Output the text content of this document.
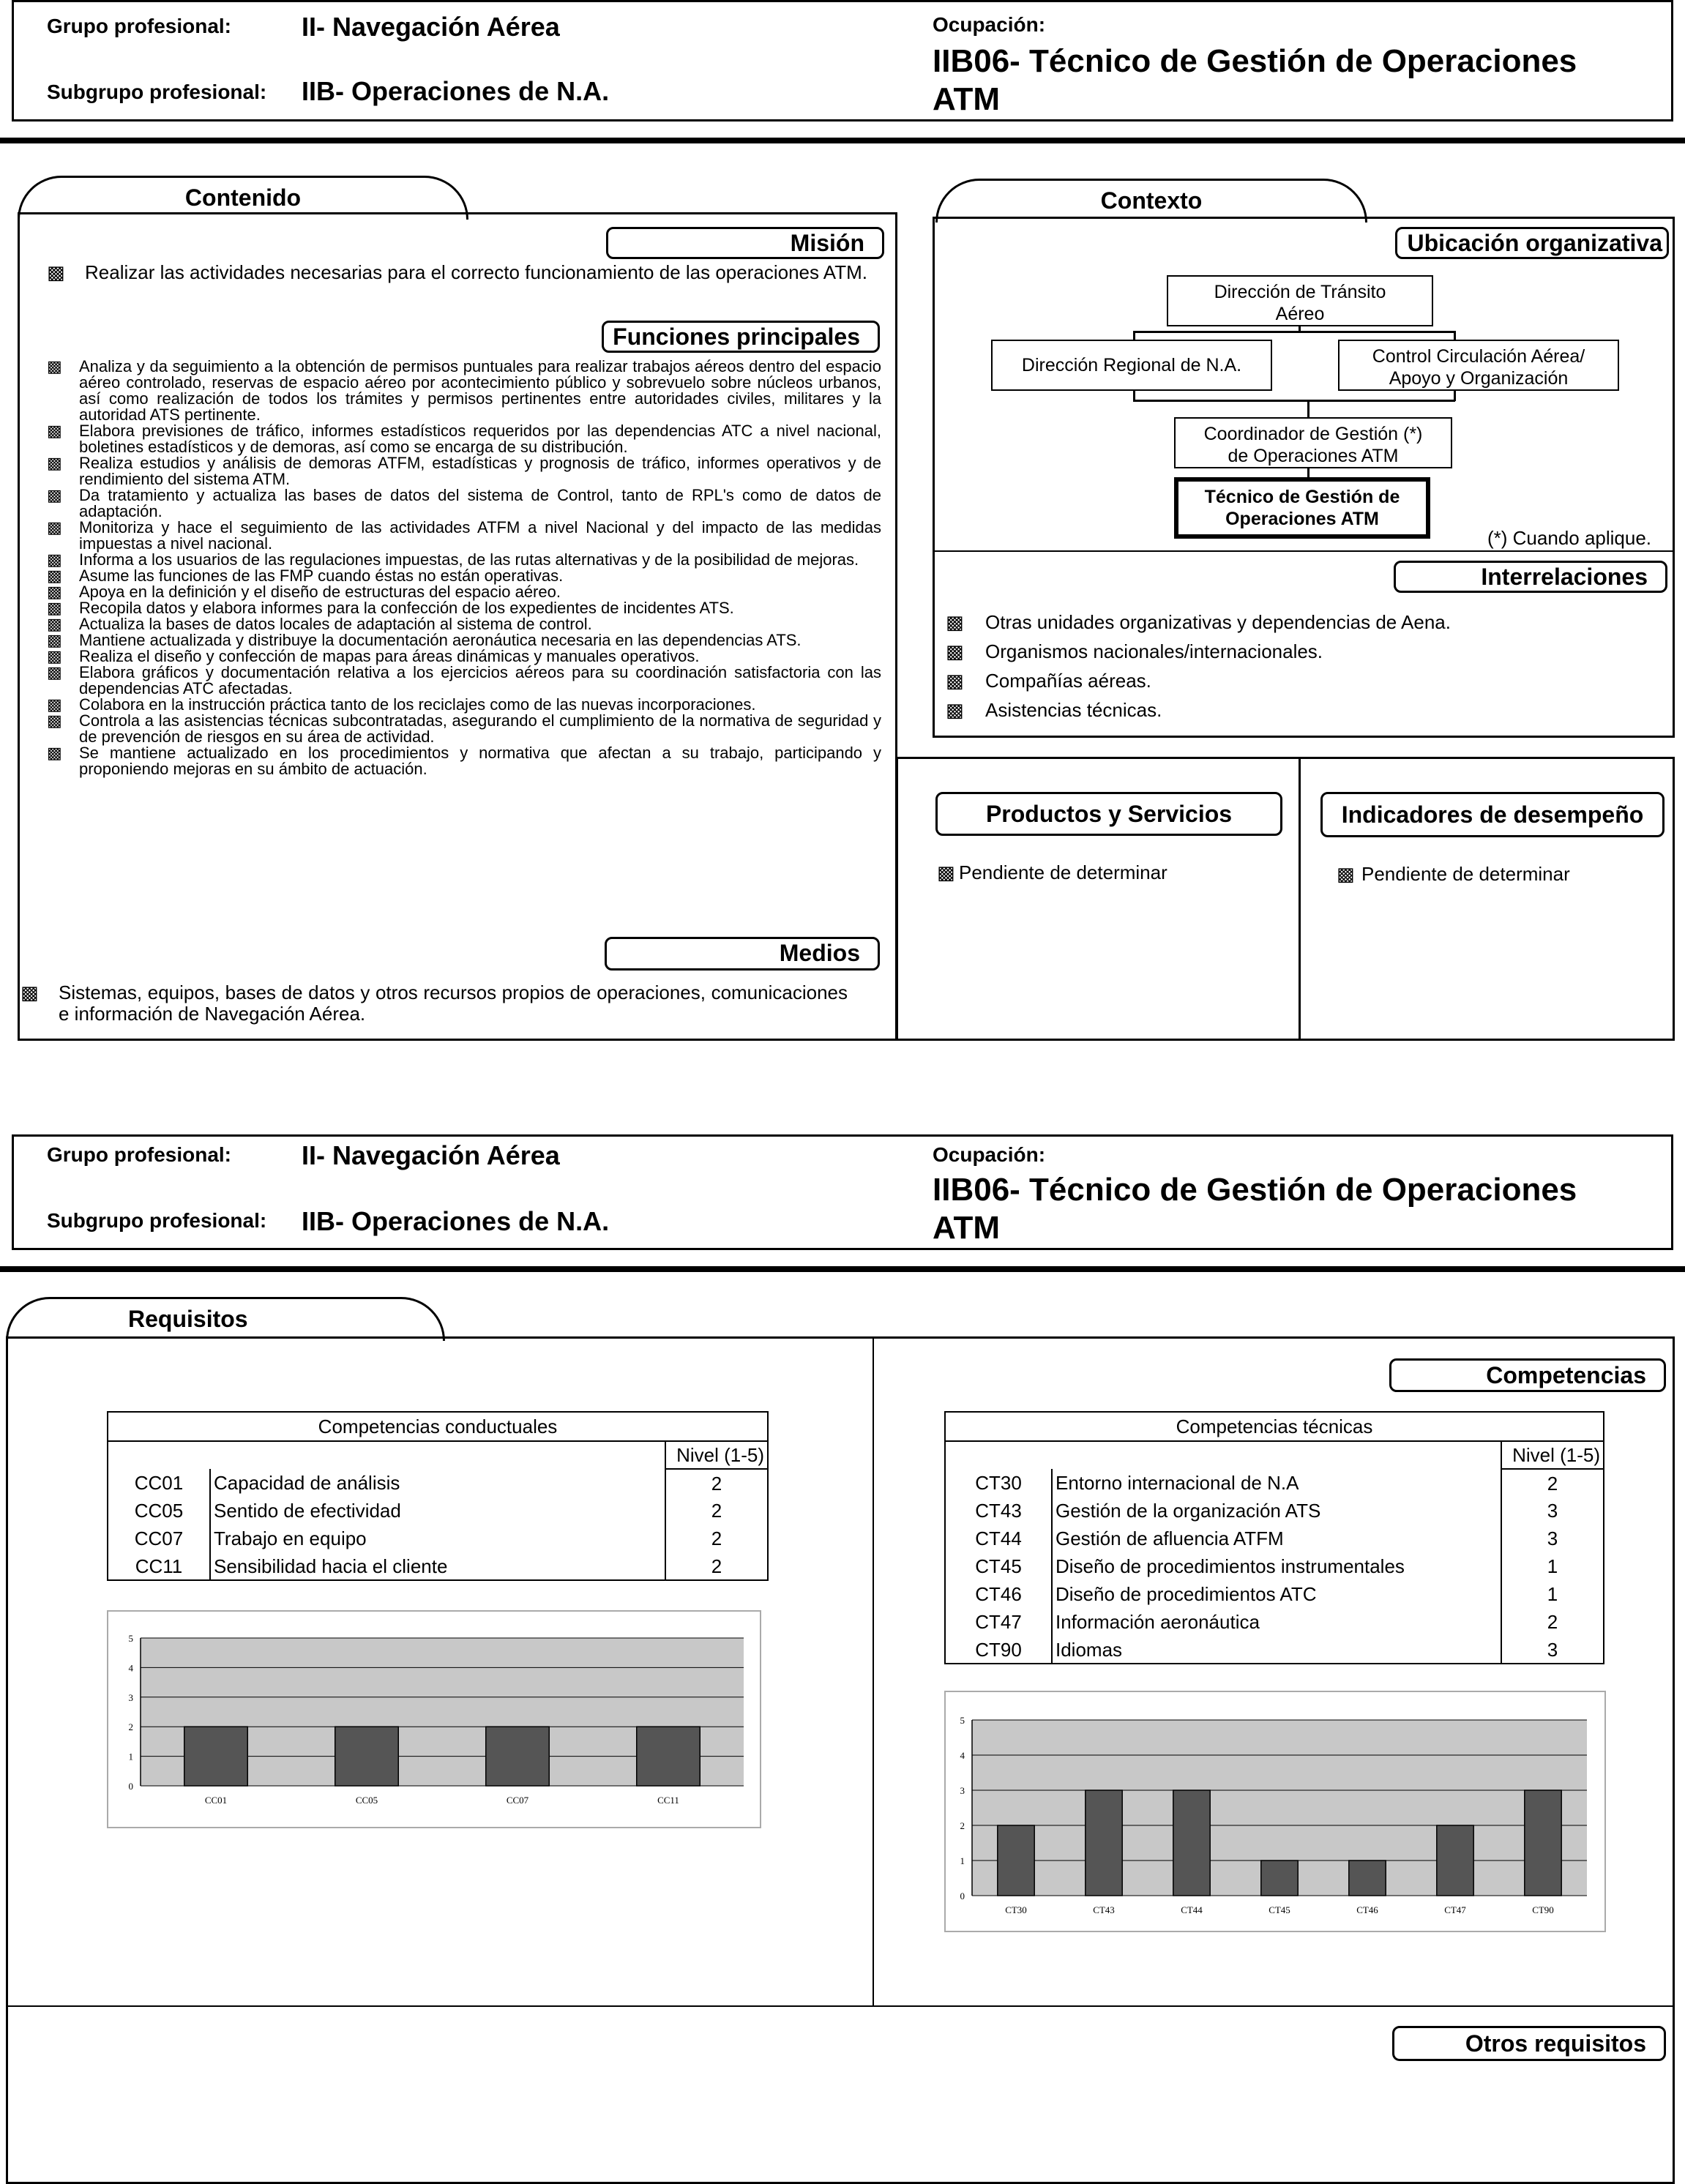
Grupo profesional:	II- Navegación Aérea
Subgrupo profesional: IIB- Operaciones de N.A.
Ocupación:
IIB06- Técnico de Gestión de Operaciones ATM
Contenido
Misión
▩ Realizar las actividades necesarias para el correcto funcionamiento de las operaciones ATM.
Funciones principales
▩ Analiza y da seguimiento a la obtención de permisos puntuales para realizar trabajos aéreos dentro del espacio aéreo controlado, reservas de espacio aéreo por acontecimiento público y sobrevuelo sobre núcleos urbanos, así como realización de todos los trámites y permisos pertinentes entre autoridades civiles, militares y la autoridad ATS pertinente.
▩ Elabora previsiones de tráfico, informes estadísticos requeridos por las dependencias ATC a nivel nacional, boletines estadísticos y de demoras, así como se encarga de su distribución.
▩ Realiza estudios y análisis de demoras ATFM, estadísticas y prognosis de tráfico, informes operativos y de rendimiento del sistema ATM.
▩ Da tratamiento y actualiza las bases de datos del sistema de Control, tanto de RPL's como de datos de adaptación.
▩ Monitoriza y hace el seguimiento de las actividades ATFM a nivel Nacional y del impacto de las medidas impuestas a nivel nacional.
▩ Informa a los usuarios de las regulaciones impuestas, de las rutas alternativas y de la posibilidad de mejoras.
▩ Asume las funciones de las FMP cuando éstas no están operativas.
▩ Apoya en la definición y el diseño de estructuras del espacio aéreo.
▩ Recopila datos y elabora informes para la confección de los expedientes de incidentes ATS.
▩ Actualiza la bases de datos locales de adaptación al sistema de control.
▩ Mantiene actualizada y distribuye la documentación aeronáutica necesaria en las dependencias ATS.
▩ Realiza el diseño y confección de mapas para áreas dinámicas y manuales operativos.
▩ Elabora gráficos y documentación relativa a los ejercicios aéreos para su coordinación satisfactoria con las dependencias ATC afectadas.
▩ Colabora en la instrucción práctica tanto de los reciclajes como de las nuevas incorporaciones.
▩ Controla a las asistencias técnicas subcontratadas, asegurando el cumplimiento de la normativa de seguridad y de prevención de riesgos en su área de actividad.
▩ Se mantiene actualizado en los procedimientos y normativa que afectan a su trabajo, participando y proponiendo mejoras en su ámbito de actuación.
Medios
▩ Sistemas, equipos, bases de datos y otros recursos propios de operaciones, comunicaciones e información de Navegación Aérea.
Contexto
Ubicación organizativa
Dirección de Tránsito Aéreo
Dirección Regional de N.A.	Control Circulación Aérea/ Apoyo y Organización
Coordinador de Gestión (*) de Operaciones ATM
Técnico de Gestión de Operaciones ATM
(*) Cuando aplique.
Interrelaciones
▩ Otras unidades organizativas y dependencias de Aena.
▩ Organismos nacionales/internacionales.
▩ Compañías aéreas.
▩ Asistencias técnicas.
Productos y Servicios	Indicadores de desempeño
▩ Pendiente de determinar	▩ Pendiente de determinar
Grupo profesional:	II- Navegación Aérea
Subgrupo profesional: IIB- Operaciones de N.A.
Ocupación:
IIB06- Técnico de Gestión de Operaciones ATM
Requisitos
Competencias
Otros requisitos
Competencias conductuales		
		Nivel (1-5)
CC01	Capacidad de análisis	2
CC05	Sentido de efectividad	2
CC07	Trabajo en equipo	2
CC11	Sensibilidad hacia el cliente	2
Competencias técnicas		
		Nivel (1-5)
CT30	Entorno internacional de N.A	2
CT43	Gestión de la organización ATS	3
CT44	Gestión de afluencia ATFM	3
CT45	Diseño de procedimientos instrumentales	1
CT46	Diseño de procedimientos ATC	1
CT47	Información aeronáutica	2
CT90	Idiomas	3
0
1
2
3
4
5
CC01	CC05	CC07	CC11
0
1
2
3
4
5
CT30	CT43	CT44	CT45	CT46	CT47	CT90
